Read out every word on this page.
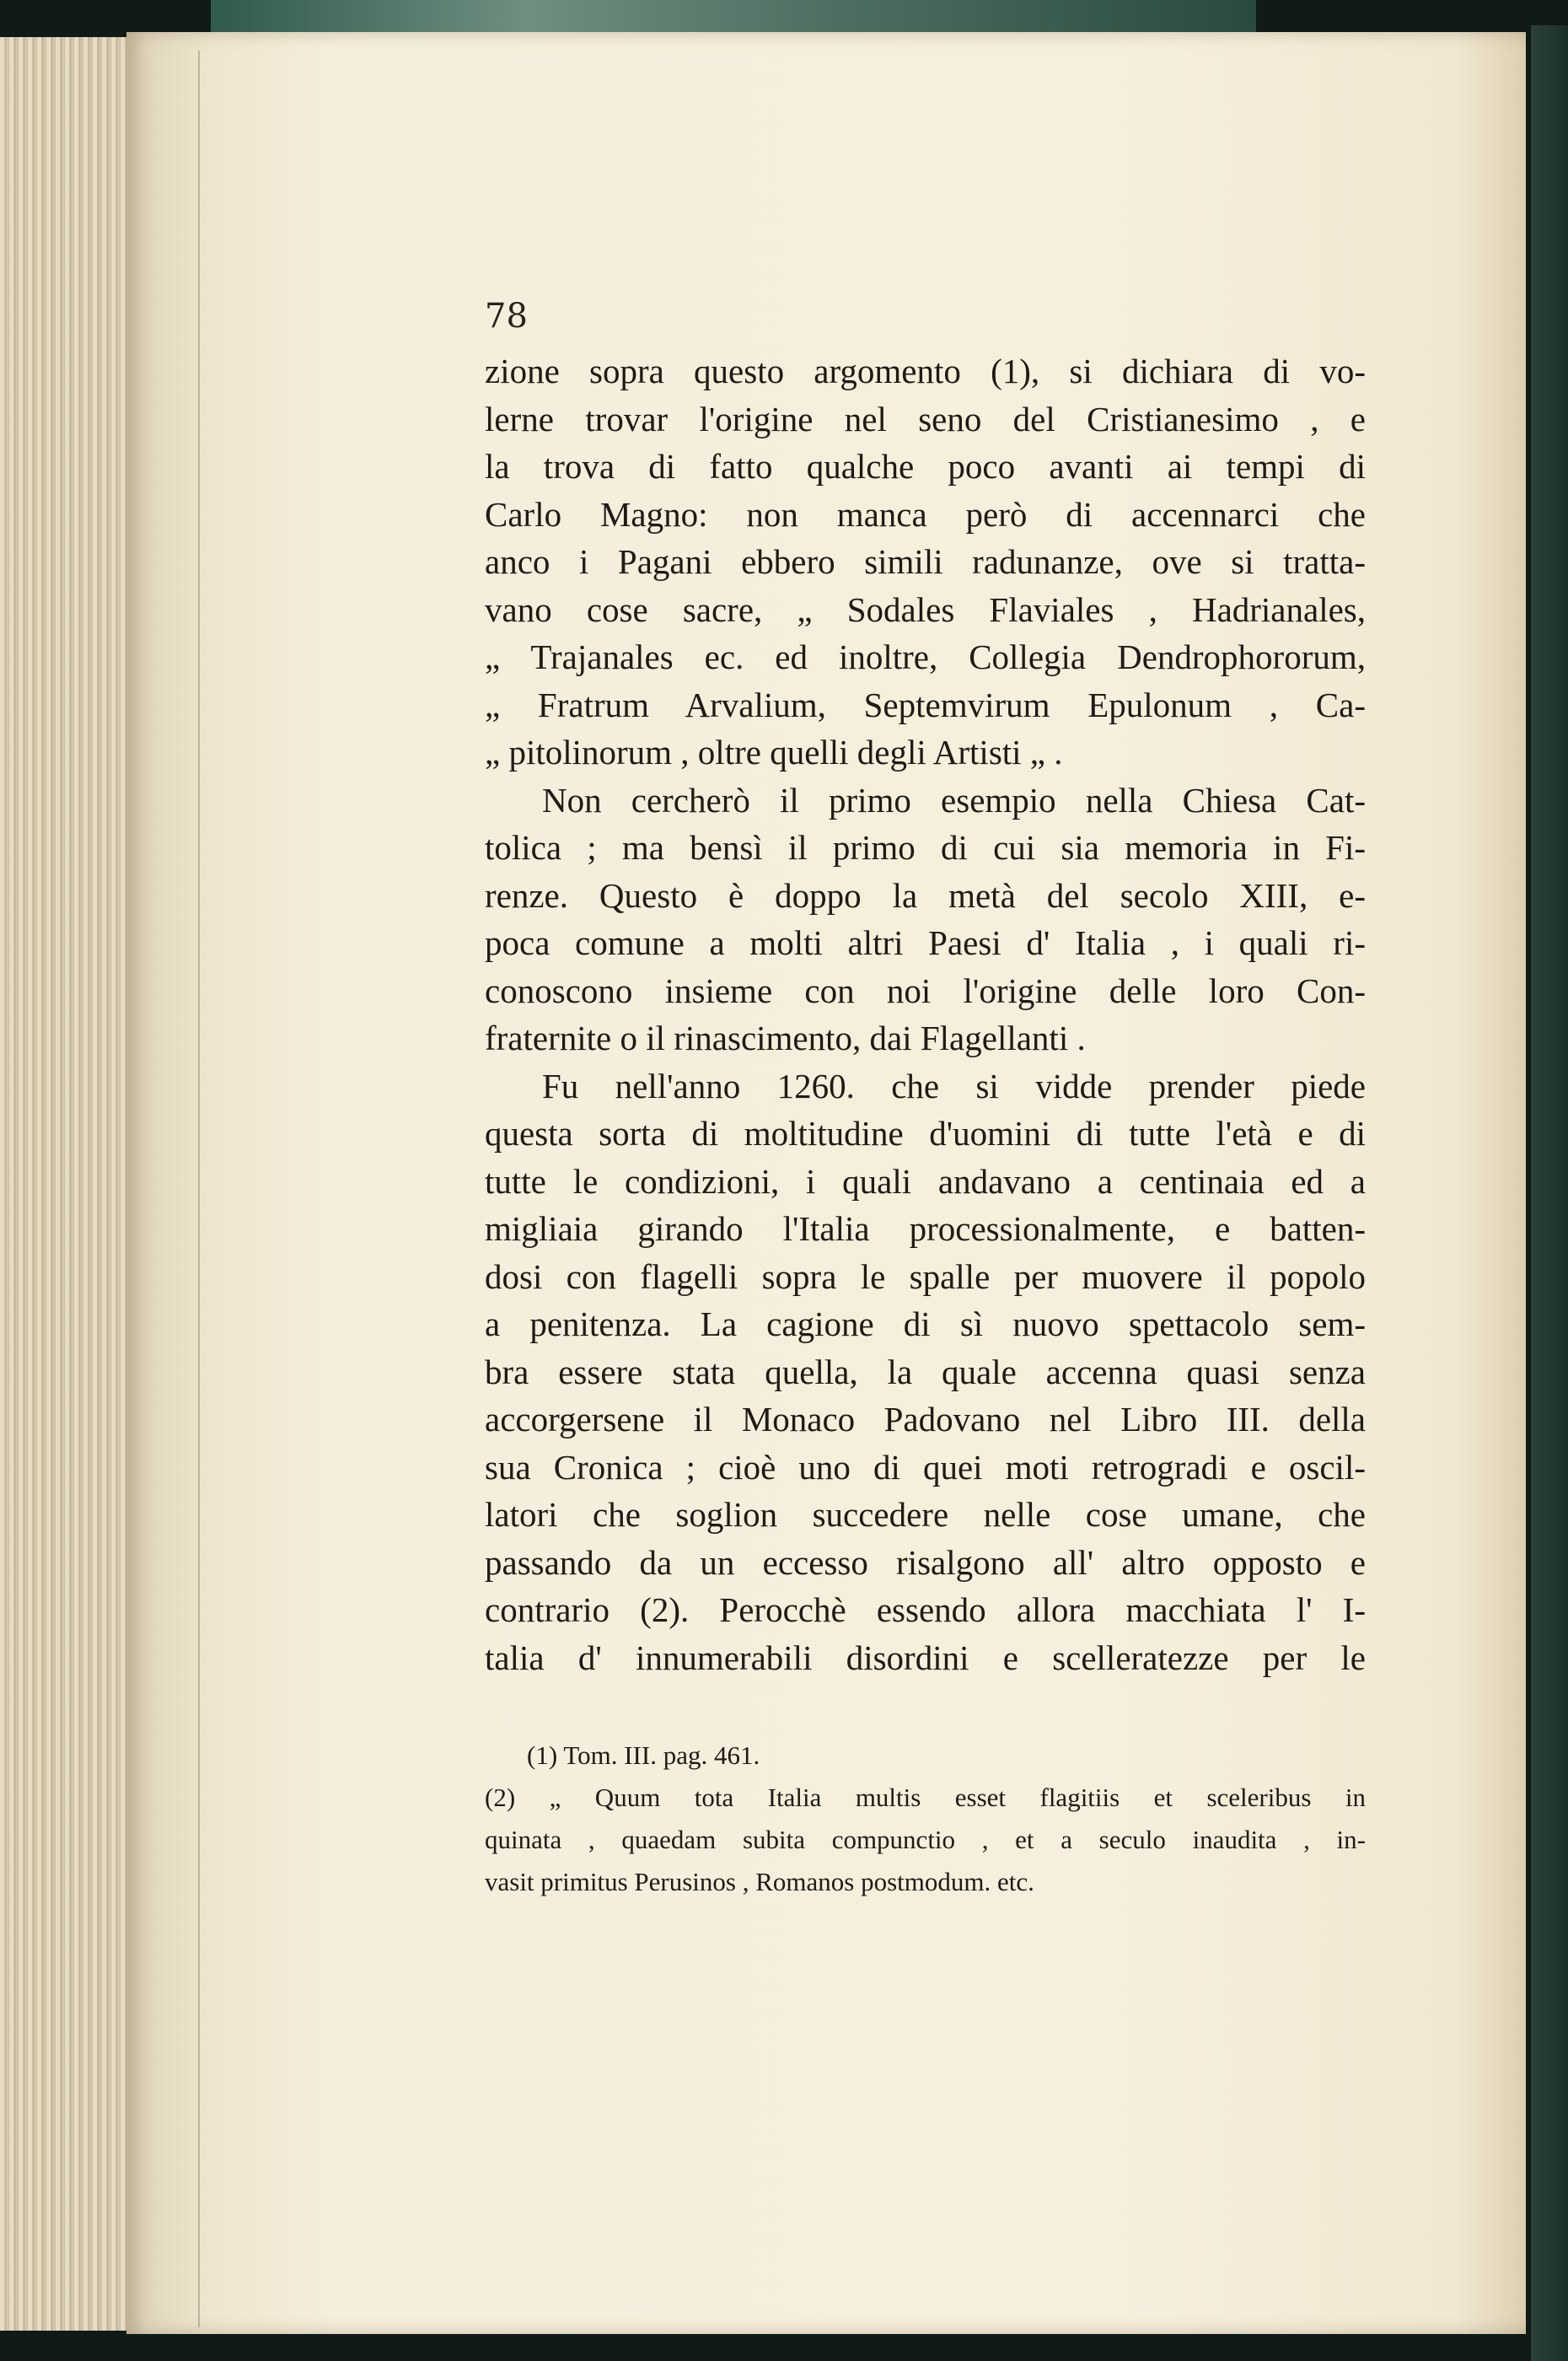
78

zione sopra questo argomento (1), si dichiara di vo-
lerne trovar l'origine nel seno del Cristianesimo , e
la trova di fatto qualche poco avanti ai tempi di
Carlo Magno: non manca però di accennarci che
anco i Pagani ebbero simili radunanze, ove si tratta-
vano cose sacre, „ Sodales Flaviales , Hadrianales,
„ Trajanales ec. ed inoltre, Collegia Dendrophororum,
„ Fratrum Arvalium, Septemvirum Epulonum , Ca-
„ pitolinorum , oltre quelli degli Artisti „ .
Non cercherò il primo esempio nella Chiesa Cat-
tolica ; ma bensì il primo di cui sia memoria in Fi-
renze. Questo è doppo la metà del secolo XIII, e-
poca comune a molti altri Paesi d' Italia , i quali ri-
conoscono insieme con noi l'origine delle loro Con-
fraternite o il rinascimento, dai Flagellanti .
Fu nell'anno 1260. che si vidde prender piede
questa sorta di moltitudine d'uomini di tutte l'età e di
tutte le condizioni, i quali andavano a centinaia ed a
migliaia girando l'Italia processionalmente, e batten-
dosi con flagelli sopra le spalle per muovere il popolo
a penitenza. La cagione di sì nuovo spettacolo sem-
bra essere stata quella, la quale accenna quasi senza
accorgersene il Monaco Padovano nel Libro III. della
sua Cronica ; cioè uno di quei moti retrogradi e oscil-
latori che soglion succedere nelle cose umane, che
passando da un eccesso risalgono all' altro opposto e
contrario (2). Perocchè essendo allora macchiata l' I-
talia d' innumerabili disordini e scelleratezze per le
(1) Tom. III. pag. 461.
(2) „ Quum tota Italia multis esset flagitiis et sceleribus in
quinata , quaedam subita compunctio , et a seculo inaudita , in-
vasit primitus Perusinos , Romanos postmodum. etc.
